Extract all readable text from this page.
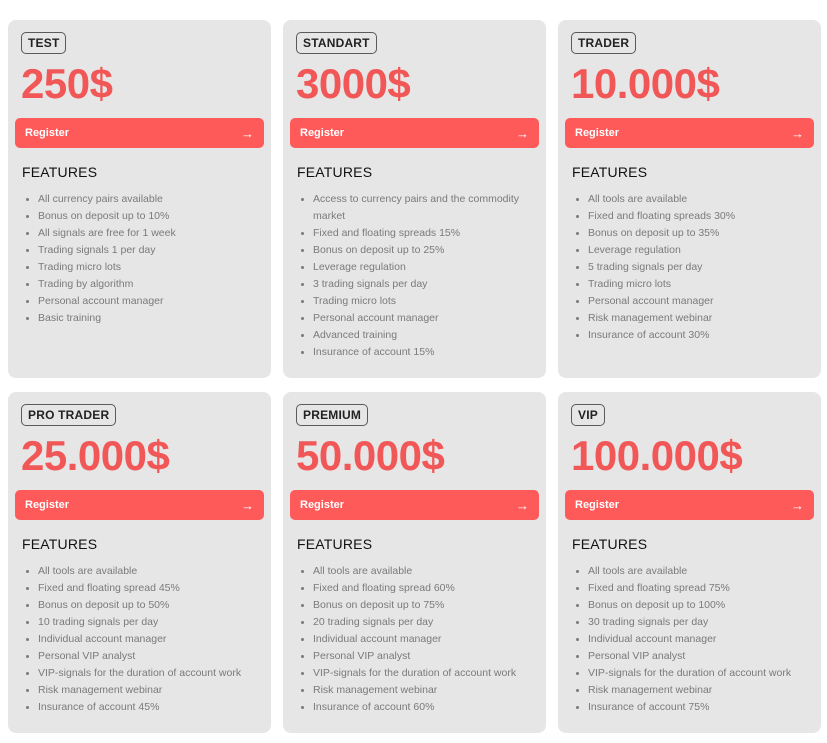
TEST
250$
Register	→
FEATURES
All currency pairs available
Bonus on deposit up to 10%
All signals are free for 1 week
Trading signals 1 per day
Trading micro lots
Trading by algorithm
Personal account manager
Basic training
STANDART
3000$
Register	→
FEATURES
Access to currency pairs and the commodity market
Fixed and floating spreads 15%
Bonus on deposit up to 25%
Leverage regulation
3 trading signals per day
Trading micro lots
Personal account manager
Advanced training
Insurance of account 15%
TRADER
10.000$
Register	→
FEATURES
All tools are available
Fixed and floating spreads 30%
Bonus on deposit up to 35%
Leverage regulation
5 trading signals per day
Trading micro lots
Personal account manager
Risk management webinar
Insurance of account 30%
PRO TRADER
25.000$
Register	→
FEATURES
All tools are available
Fixed and floating spread 45%
Bonus on deposit up to 50%
10 trading signals per day
Individual account manager
Personal VIP analyst
VIP-signals for the duration of account work
Risk management webinar
Insurance of account 45%
PREMIUM
50.000$
Register	→
FEATURES
All tools are available
Fixed and floating spread 60%
Bonus on deposit up to 75%
20 trading signals per day
Individual account manager
Personal VIP analyst
VIP-signals for the duration of account work
Risk management webinar
Insurance of account 60%
VIP
100.000$
Register	→
FEATURES
All tools are available
Fixed and floating spread 75%
Bonus on deposit up to 100%
30 trading signals per day
Individual account manager
Personal VIP analyst
VIP-signals for the duration of account work
Risk management webinar
Insurance of account 75%
